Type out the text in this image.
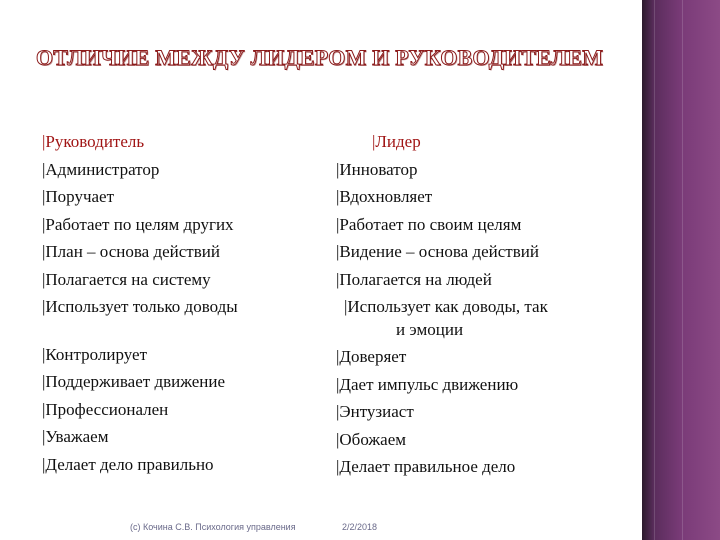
ОТЛИЧИЕ МЕЖДУ ЛИДЕРОМ И РУКОВОДИТЕЛЕМ
|Руководитель
|Администратор
|Поручает
|Работает по целям других
|План – основа действий
|Полагается на систему
|Использует только доводы
|Контролирует
|Поддерживает движение
|Профессионален
|Уважаем
|Делает дело правильно
|Лидер
|Инноватор
|Вдохновляет
|Работает по своим целям
|Видение – основа действий
|Полагается на людей
|Использует как доводы, так
и эмоции
|Доверяет
|Дает импульс движению
|Энтузиаст
|Обожаем
|Делает правильное дело
(c) Кочина С.В. Психология управления	2/2/2018
